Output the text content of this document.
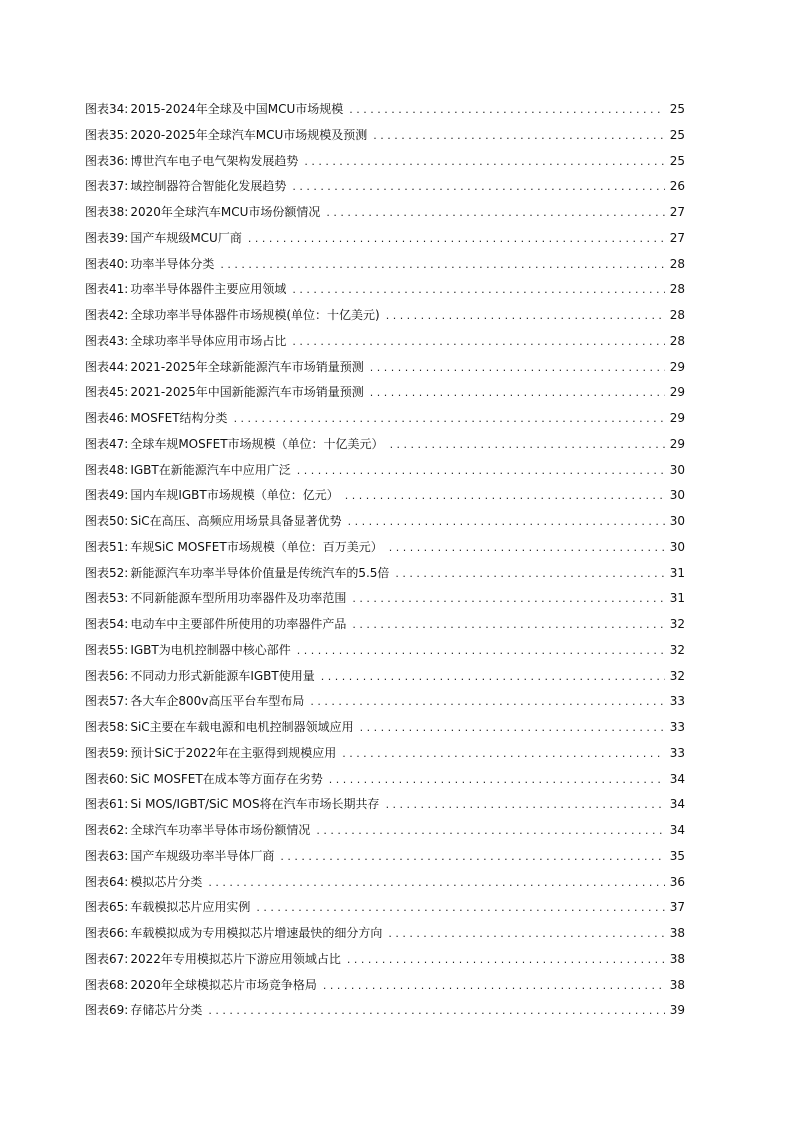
图表34: 2015-2024年全球及中国MCU市场规模 . . .	25
图表35: 2020-2025年全球汽车MCU市场规模及预测 . . .	25
图表36: 博世汽车电子电气架构发展趋势 . . .	25
图表37: 域控制器符合智能化发展趋势 . . .	26
图表38: 2020年全球汽车MCU市场份额情况 . . .	27
图表39: 国产车规级MCU厂商 . . .	27
图表40: 功率半导体分类 . . .	28
图表41: 功率半导体器件主要应用领域 . . .	28
图表42: 全球功率半导体器件市场规模(单位：十亿美元) . . .	28
图表43: 全球功率半导体应用市场占比 . . .	28
图表44: 2021-2025年全球新能源汽车市场销量预测 . . .	29
图表45: 2021-2025年中国新能源汽车市场销量预测 . . .	29
图表46: MOSFET结构分类 . . .	29
图表47: 全球车规MOSFET市场规模（单位：十亿美元） . . .	29
图表48: IGBT在新能源汽车中应用广泛 . . .	30
图表49: 国内车规IGBT市场规模（单位：亿元） . . .	30
图表50: SiC在高压、高频应用场景具备显著优势 . . .	30
图表51: 车规SiC MOSFET市场规模（单位：百万美元） . . .	30
图表52: 新能源汽车功率半导体价值量是传统汽车的5.5倍 . . .	31
图表53: 不同新能源车型所用功率器件及功率范围 . . .	31
图表54: 电动车中主要部件所使用的功率器件产品 . . .	32
图表55: IGBT为电机控制器中核心部件 . . .	32
图表56: 不同动力形式新能源车IGBT使用量 . . .	32
图表57: 各大车企800v高压平台车型布局 . . .	33
图表58: SiC主要在车载电源和电机控制器领域应用 . . .	33
图表59: 预计SiC于2022年在主驱得到规模应用 . . .	33
图表60: SiC MOSFET在成本等方面存在劣势 . . .	34
图表61: Si MOS/IGBT/SiC MOS将在汽车市场长期共存 . . .	34
图表62: 全球汽车功率半导体市场份额情况 . . .	34
图表63: 国产车规级功率半导体厂商 . . .	35
图表64: 模拟芯片分类 . . .	36
图表65: 车载模拟芯片应用实例 . . .	37
图表66: 车载模拟成为专用模拟芯片增速最快的细分方向 . . .	38
图表67: 2022年专用模拟芯片下游应用领域占比 . . .	38
图表68: 2020年全球模拟芯片市场竞争格局 . . .	38
图表69: 存储芯片分类 . . .	39
